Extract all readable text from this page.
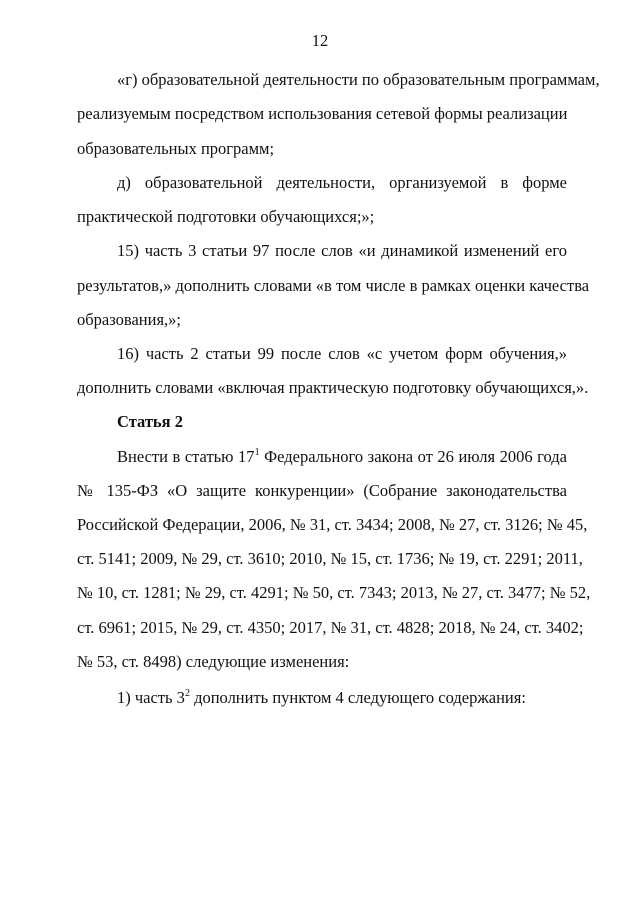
12
«г) образовательной деятельности по образовательным программам,
реализуемым посредством использования сетевой формы реализации
образовательных программ;
д) образовательной деятельности, организуемой в форме
практической подготовки обучающихся;»;
15) часть 3 статьи 97 после слов «и динамикой изменений его
результатов,» дополнить словами «в том числе в рамках оценки качества
образования,»;
16) часть 2 статьи 99 после слов «с учетом форм обучения,»
дополнить словами «включая практическую подготовку обучающихся,».
Статья 2
Внести в статью $17^1$ Федерального закона от 26 июля 2006 года
№ 135-ФЗ «О защите конкуренции» (Собрание законодательства
Российской Федерации, 2006, № 31, ст. 3434; 2008, № 27, ст. 3126; № 45,
ст. 5141; 2009, № 29, ст. 3610; 2010, № 15, ст. 1736; № 19, ст. 2291; 2011,
№ 10, ст. 1281; № 29, ст. 4291; № 50, ст. 7343; 2013, № 27, ст. 3477; № 52,
ст. 6961; 2015, № 29, ст. 4350; 2017, № 31, ст. 4828; 2018, № 24, ст. 3402;
№ 53, ст. 8498) следующие изменения:
1) часть $3^2$ дополнить пунктом 4 следующего содержания:
